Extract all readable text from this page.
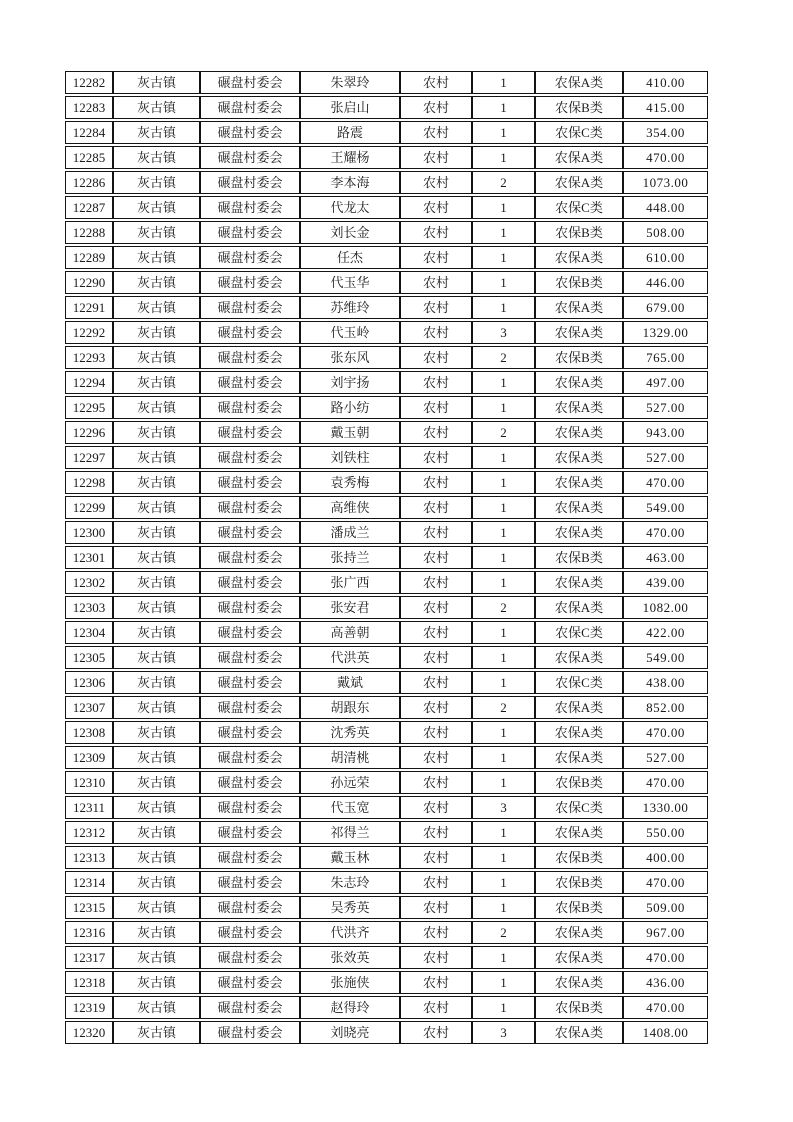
12282	灰古镇	碾盘村委会	朱翠玲	农村	1	农保A类	410.00
12283	灰古镇	碾盘村委会	张启山	农村	1	农保B类	415.00
12284	灰古镇	碾盘村委会	路震	农村	1	农保C类	354.00
12285	灰古镇	碾盘村委会	王耀杨	农村	1	农保A类	470.00
12286	灰古镇	碾盘村委会	李本海	农村	2	农保A类	1073.00
12287	灰古镇	碾盘村委会	代龙太	农村	1	农保C类	448.00
12288	灰古镇	碾盘村委会	刘长金	农村	1	农保B类	508.00
12289	灰古镇	碾盘村委会	任杰	农村	1	农保A类	610.00
12290	灰古镇	碾盘村委会	代玉华	农村	1	农保B类	446.00
12291	灰古镇	碾盘村委会	苏维玲	农村	1	农保A类	679.00
12292	灰古镇	碾盘村委会	代玉岭	农村	3	农保A类	1329.00
12293	灰古镇	碾盘村委会	张东风	农村	2	农保B类	765.00
12294	灰古镇	碾盘村委会	刘宇扬	农村	1	农保A类	497.00
12295	灰古镇	碾盘村委会	路小纺	农村	1	农保A类	527.00
12296	灰古镇	碾盘村委会	戴玉朝	农村	2	农保A类	943.00
12297	灰古镇	碾盘村委会	刘铁柱	农村	1	农保A类	527.00
12298	灰古镇	碾盘村委会	袁秀梅	农村	1	农保A类	470.00
12299	灰古镇	碾盘村委会	高维侠	农村	1	农保A类	549.00
12300	灰古镇	碾盘村委会	潘成兰	农村	1	农保A类	470.00
12301	灰古镇	碾盘村委会	张持兰	农村	1	农保B类	463.00
12302	灰古镇	碾盘村委会	张广西	农村	1	农保A类	439.00
12303	灰古镇	碾盘村委会	张安君	农村	2	农保A类	1082.00
12304	灰古镇	碾盘村委会	高善朝	农村	1	农保C类	422.00
12305	灰古镇	碾盘村委会	代洪英	农村	1	农保A类	549.00
12306	灰古镇	碾盘村委会	戴斌	农村	1	农保C类	438.00
12307	灰古镇	碾盘村委会	胡跟东	农村	2	农保A类	852.00
12308	灰古镇	碾盘村委会	沈秀英	农村	1	农保A类	470.00
12309	灰古镇	碾盘村委会	胡清桃	农村	1	农保A类	527.00
12310	灰古镇	碾盘村委会	孙远荣	农村	1	农保B类	470.00
12311	灰古镇	碾盘村委会	代玉宽	农村	3	农保C类	1330.00
12312	灰古镇	碾盘村委会	祁得兰	农村	1	农保A类	550.00
12313	灰古镇	碾盘村委会	戴玉林	农村	1	农保B类	400.00
12314	灰古镇	碾盘村委会	朱志玲	农村	1	农保B类	470.00
12315	灰古镇	碾盘村委会	吴秀英	农村	1	农保B类	509.00
12316	灰古镇	碾盘村委会	代洪齐	农村	2	农保A类	967.00
12317	灰古镇	碾盘村委会	张效英	农村	1	农保A类	470.00
12318	灰古镇	碾盘村委会	张施侠	农村	1	农保A类	436.00
12319	灰古镇	碾盘村委会	赵得玲	农村	1	农保B类	470.00
12320	灰古镇	碾盘村委会	刘晓亮	农村	3	农保A类	1408.00
